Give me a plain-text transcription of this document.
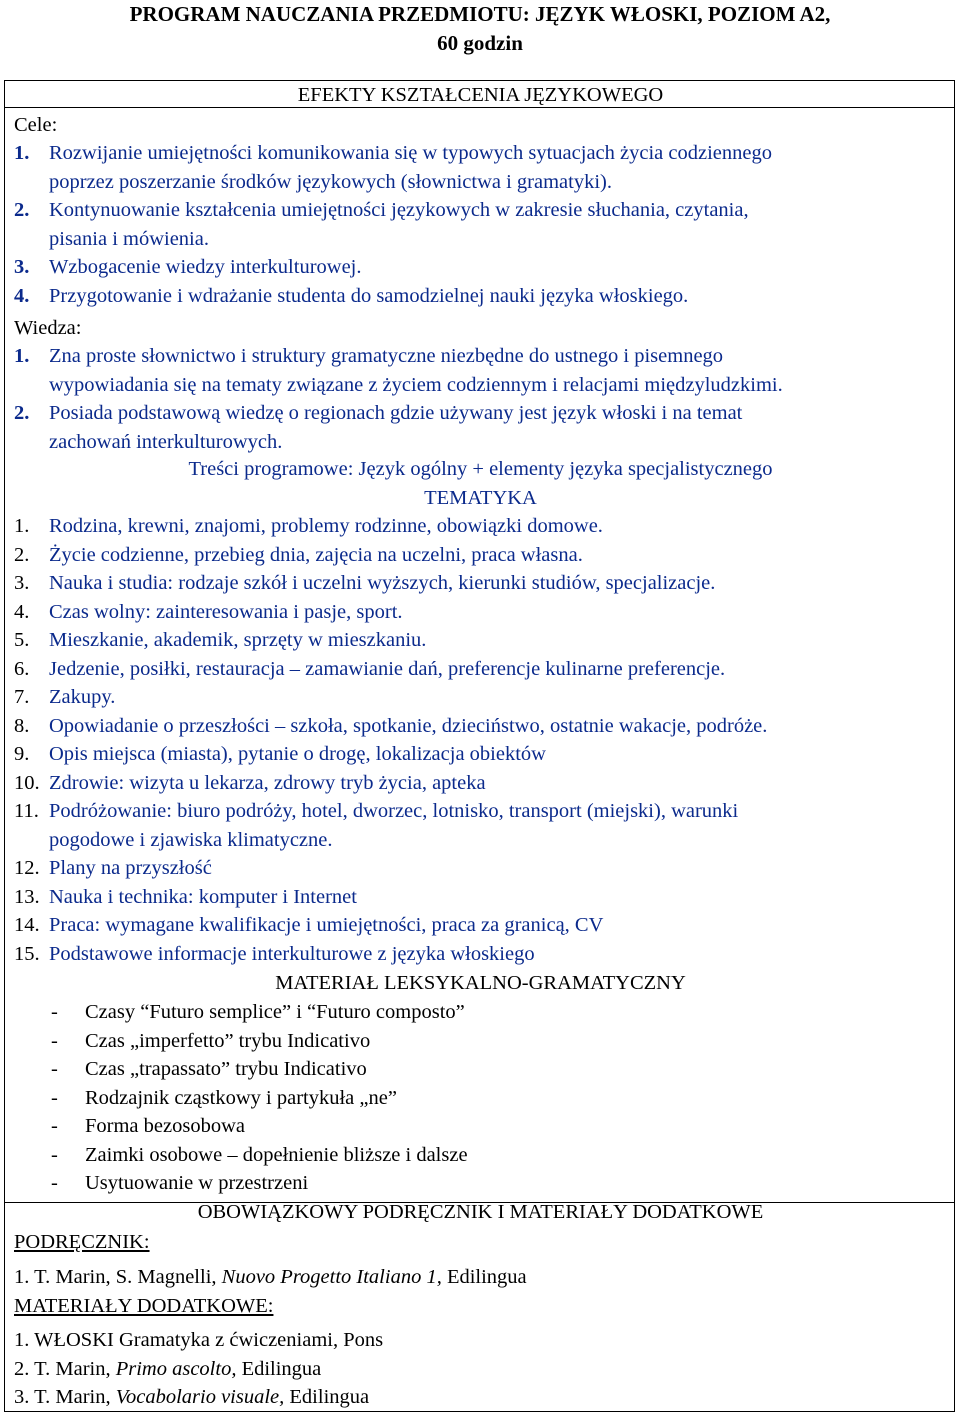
PROGRAM NAUCZANIA PRZEDMIOTU: JĘZYK WŁOSKI, POZIOM A2,
60 godzin
EFEKTY KSZTAŁCENIA JĘZYKOWEGO
Cele:
1. Rozwijanie umiejętności komunikowania się w typowych sytuacjach życia codziennego
poprzez poszerzanie środków językowych (słownictwa i gramatyki).
2. Kontynuowanie kształcenia umiejętności językowych w zakresie słuchania, czytania,
pisania i mówienia.
3. Wzbogacenie wiedzy interkulturowej.
4. Przygotowanie i wdrażanie studenta do samodzielnej nauki języka włoskiego.
Wiedza:
1. Zna proste słownictwo i struktury gramatyczne niezbędne do ustnego i pisemnego
wypowiadania się na tematy związane z życiem codziennym i relacjami międzyludzkimi.
2. Posiada podstawową wiedzę o regionach gdzie używany jest język włoski i na temat
zachowań interkulturowych.
Treści programowe: Język ogólny + elementy języka specjalistycznego
TEMATYKA
1. Rodzina, krewni, znajomi, problemy rodzinne, obowiązki domowe.
2. Życie codzienne, przebieg dnia, zajęcia na uczelni, praca własna.
3. Nauka i studia: rodzaje szkół i uczelni wyższych, kierunki studiów, specjalizacje.
4. Czas wolny: zainteresowania i pasje, sport.
5. Mieszkanie, akademik, sprzęty w mieszkaniu.
6. Jedzenie, posiłki, restauracja – zamawianie dań, preferencje kulinarne preferencje.
7. Zakupy.
8. Opowiadanie o przeszłości – szkoła, spotkanie, dzieciństwo, ostatnie wakacje, podróże.
9. Opis miejsca (miasta), pytanie o drogę, lokalizacja obiektów
10. Zdrowie: wizyta u lekarza, zdrowy tryb życia, apteka
11. Podróżowanie: biuro podróży, hotel, dworzec, lotnisko, transport (miejski), warunki
pogodowe i zjawiska klimatyczne.
12. Plany na przyszłość
13. Nauka i technika: komputer i Internet
14. Praca: wymagane kwalifikacje i umiejętności, praca za granicą, CV
15. Podstawowe informacje interkulturowe z języka włoskiego
MATERIAŁ LEKSYKALNO-GRAMATYCZNY
- Czasy “Futuro semplice” i “Futuro composto”
- Czas „imperfetto” trybu Indicativo
- Czas „trapassato” trybu Indicativo
- Rodzajnik cząstkowy i partykuła „ne”
- Forma bezosobowa
- Zaimki osobowe – dopełnienie bliższe i dalsze
- Usytuowanie w przestrzeni
OBOWIĄZKOWY PODRĘCZNIK I MATERIAŁY DODATKOWE
PODRĘCZNIK:
1. T. Marin, S. Magnelli, Nuovo Progetto Italiano 1, Edilingua
MATERIAŁY DODATKOWE:
1. WŁOSKI Gramatyka z ćwiczeniami, Pons
2. T. Marin, Primo ascolto, Edilingua
3. T. Marin, Vocabolario visuale, Edilingua
